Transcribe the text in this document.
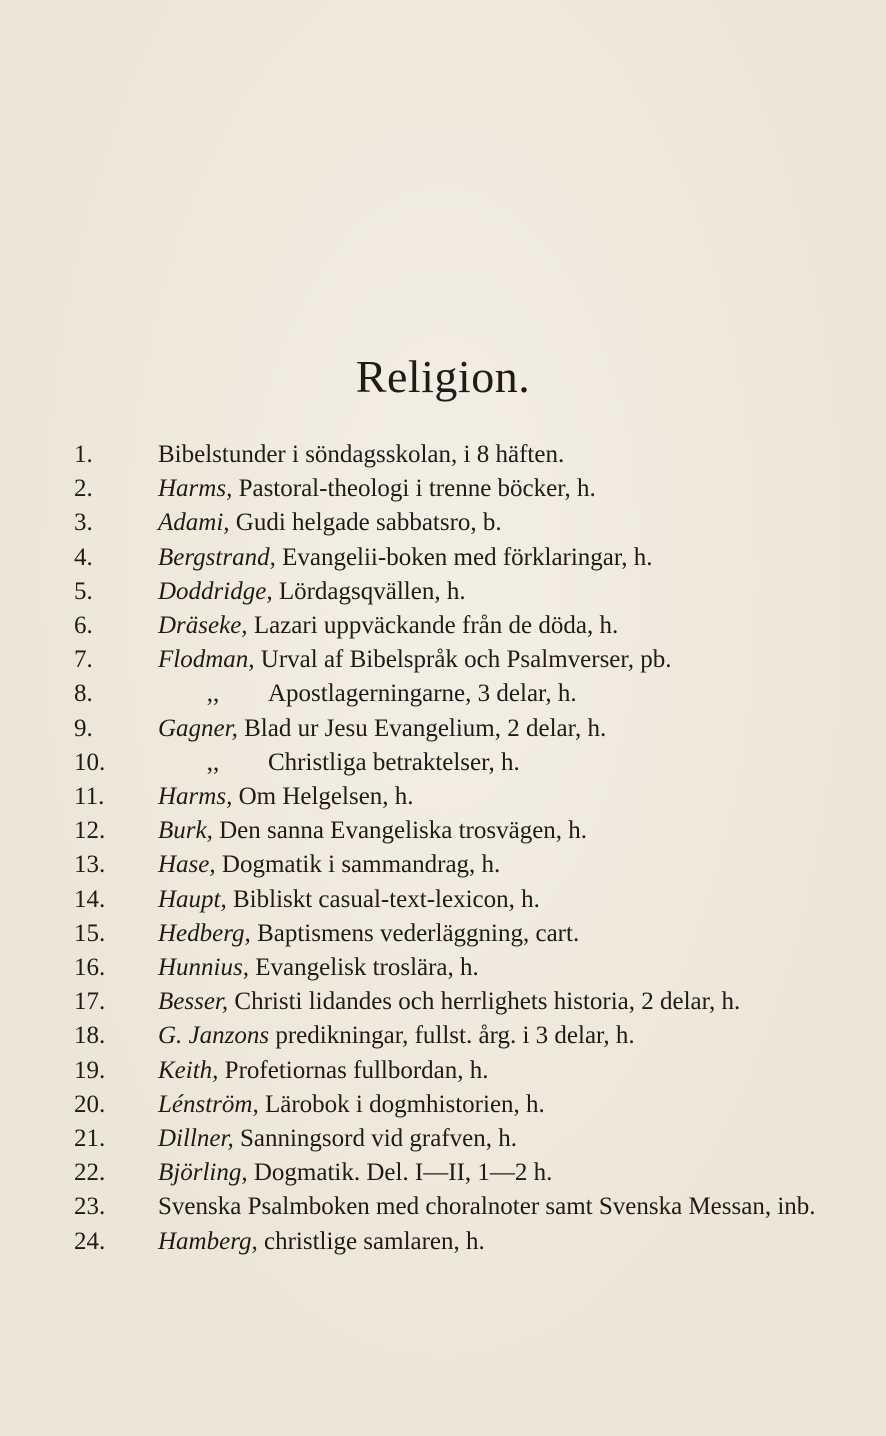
Religion.
1.	Bibelstunder i söndagsskolan, i 8 häften.
2.	Harms, Pastoral-theologi i trenne böcker, h.
3.	Adami, Gudi helgade sabbatsro, b.
4.	Bergstrand, Evangelii-boken med förklaringar, h.
5.	Doddridge, Lördagsqvällen, h.
6.	Dräseke, Lazari uppväckande från de döda, h.
7.	Flodman, Urval af Bibelspråk och Psalmverser, pb.
8.	,, Apostlagerningarne, 3 delar, h.
9.	Gagner, Blad ur Jesu Evangelium, 2 delar, h.
10.	,, Christliga betraktelser, h.
11.	Harms, Om Helgelsen, h.
12.	Burk, Den sanna Evangeliska trosvägen, h.
13.	Hase, Dogmatik i sammandrag, h.
14.	Haupt, Bibliskt casual-text-lexicon, h.
15.	Hedberg, Baptismens vederläggning, cart.
16.	Hunnius, Evangelisk troslära, h.
17.	Besser, Christi lidandes och herrlighets historia, 2 delar, h.
18.	G. Janzons predikningar, fullst. årg. i 3 delar, h.
19.	Keith, Profetiornas fullbordan, h.
20.	Lénström, Lärobok i dogmhistorien, h.
21.	Dillner, Sanningsord vid grafven, h.
22.	Björling, Dogmatik. Del. I—II, 1—2 h.
23.	Svenska Psalmboken med choralnoter samt Svenska Messan, inb.
24.	Hamberg, christlige samlaren, h.
